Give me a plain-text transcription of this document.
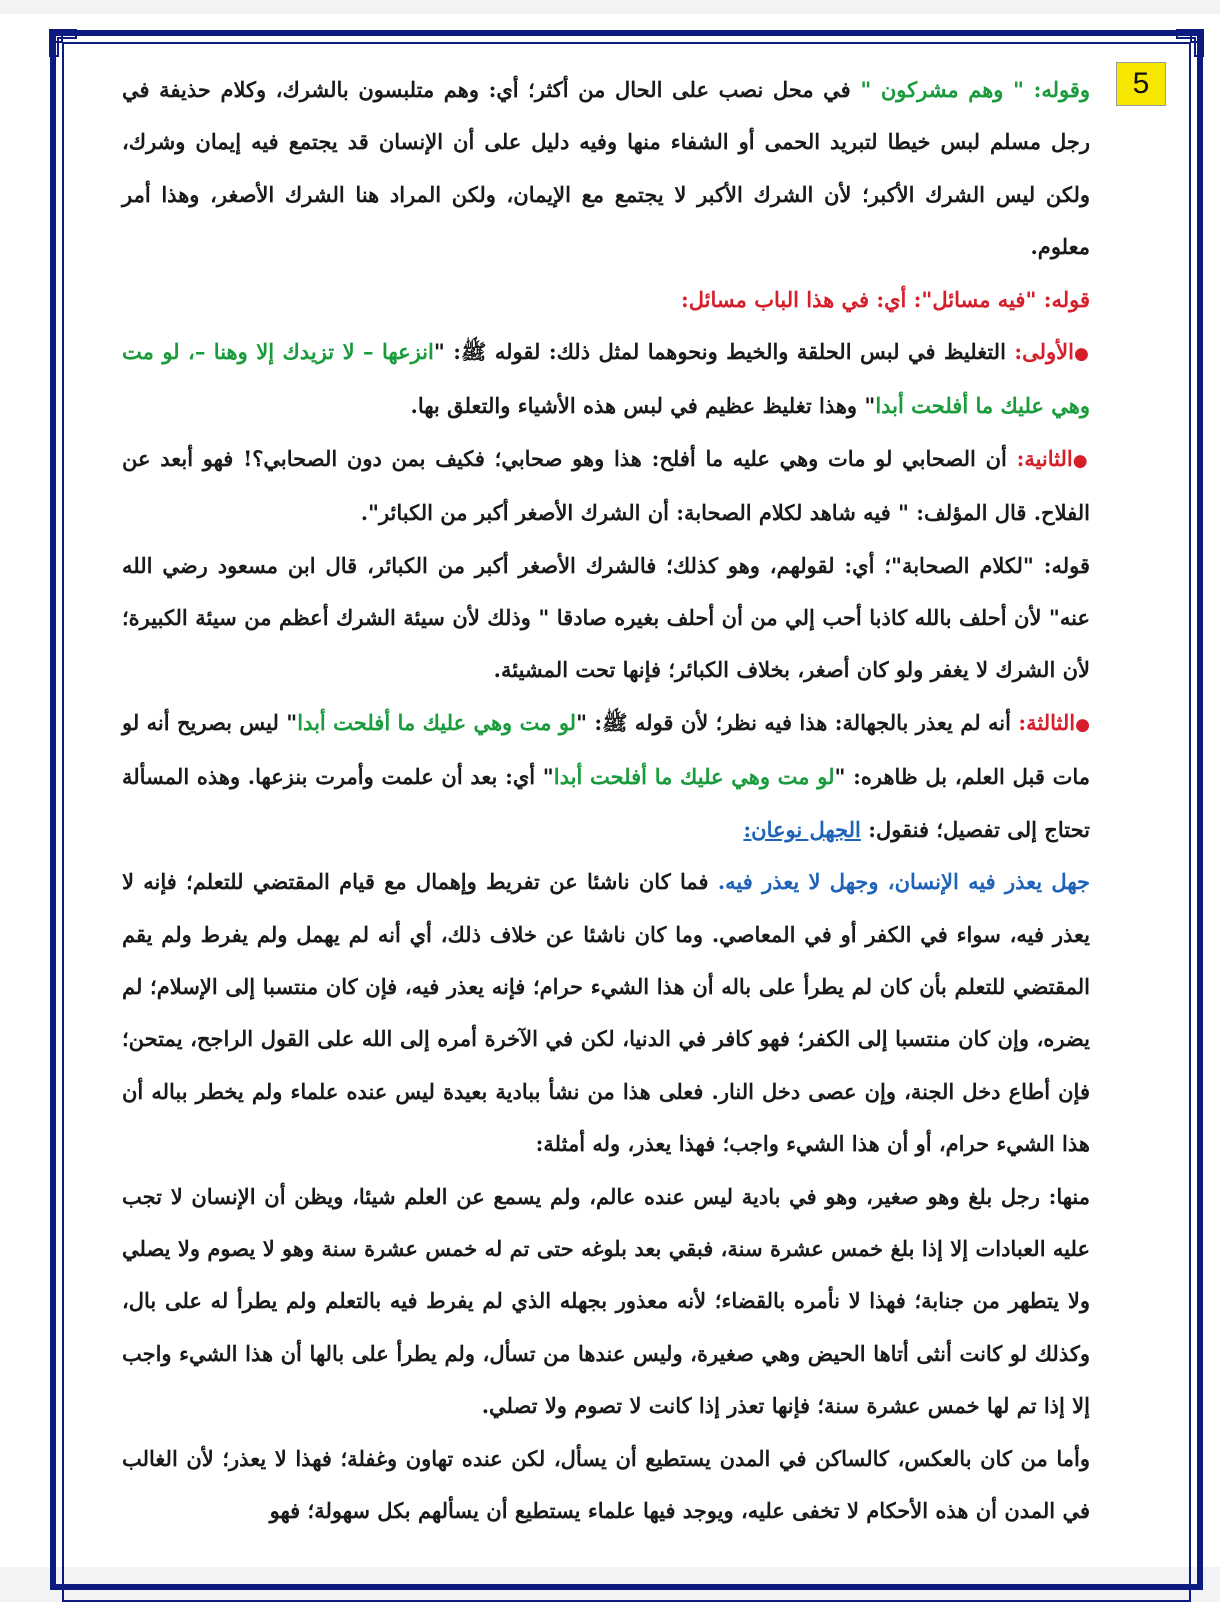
5

وقوله: " وهم مشركون " في محل نصب على الحال من أكثر؛ أي: وهم متلبسون بالشرك، وكلام حذيفة في رجل مسلم لبس خيطا لتبريد الحمى أو الشفاء منها وفيه دليل على أن الإنسان قد يجتمع فيه إيمان وشرك، ولكن ليس الشرك الأكبر؛ لأن الشرك الأكبر لا يجتمع مع الإيمان، ولكن المراد هنا الشرك الأصغر، وهذا أمر معلوم.

قوله: "فيه مسائل": أي: في هذا الباب مسائل:

●الأولى: التغليظ في لبس الحلقة والخيط ونحوهما لمثل ذلك: لقوله ﷺ: "انزعها – لا تزيدك إلا وهنا –، لو مت وهي عليك ما أفلحت أبدا" وهذا تغليظ عظيم في لبس هذه الأشياء والتعلق بها.

●الثانية: أن الصحابي لو مات وهي عليه ما أفلح: هذا وهو صحابي؛ فكيف بمن دون الصحابي؟! فهو أبعد عن الفلاح. قال المؤلف: " فيه شاهد لكلام الصحابة: أن الشرك الأصغر أكبر من الكبائر".

قوله: "لكلام الصحابة"؛ أي: لقولهم، وهو كذلك؛ فالشرك الأصغر أكبر من الكبائر، قال ابن مسعود رضي الله عنه" لأن أحلف بالله كاذبا أحب إلي من أن أحلف بغيره صادقا " وذلك لأن سيئة الشرك أعظم من سيئة الكبيرة؛ لأن الشرك لا يغفر ولو كان أصغر، بخلاف الكبائر؛ فإنها تحت المشيئة.

●الثالثة: أنه لم يعذر بالجهالة: هذا فيه نظر؛ لأن قوله ﷺ: "لو مت وهي عليك ما أفلحت أبدا" ليس بصريح أنه لو مات قبل العلم، بل ظاهره: "لو مت وهي عليك ما أفلحت أبدا" أي: بعد أن علمت وأمرت بنزعها. وهذه المسألة تحتاج إلى تفصيل؛ فنقول: الجهل نوعان:

جهل يعذر فيه الإنسان، وجهل لا يعذر فيه. فما كان ناشئا عن تفريط وإهمال مع قيام المقتضي للتعلم؛ فإنه لا يعذر فيه، سواء في الكفر أو في المعاصي. وما كان ناشئا عن خلاف ذلك، أي أنه لم يهمل ولم يفرط ولم يقم المقتضي للتعلم بأن كان لم يطرأ على باله أن هذا الشيء حرام؛ فإنه يعذر فيه، فإن كان منتسبا إلى الإسلام؛ لم يضره، وإن كان منتسبا إلى الكفر؛ فهو كافر في الدنيا، لكن في الآخرة أمره إلى الله على القول الراجح، يمتحن؛ فإن أطاع دخل الجنة، وإن عصى دخل النار. فعلى هذا من نشأ ببادية بعيدة ليس عنده علماء ولم يخطر بباله أن هذا الشيء حرام، أو أن هذا الشيء واجب؛ فهذا يعذر، وله أمثلة:

منها: رجل بلغ وهو صغير، وهو في بادية ليس عنده عالم، ولم يسمع عن العلم شيئا، ويظن أن الإنسان لا تجب عليه العبادات إلا إذا بلغ خمس عشرة سنة، فبقي بعد بلوغه حتى تم له خمس عشرة سنة وهو لا يصوم ولا يصلي ولا يتطهر من جنابة؛ فهذا لا نأمره بالقضاء؛ لأنه معذور بجهله الذي لم يفرط فيه بالتعلم ولم يطرأ له على بال، وكذلك لو كانت أنثى أتاها الحيض وهي صغيرة، وليس عندها من تسأل، ولم يطرأ على بالها أن هذا الشيء واجب إلا إذا تم لها خمس عشرة سنة؛ فإنها تعذر إذا كانت لا تصوم ولا تصلي.

وأما من كان بالعكس، كالساكن في المدن يستطيع أن يسأل، لكن عنده تهاون وغفلة؛ فهذا لا يعذر؛ لأن الغالب في المدن أن هذه الأحكام لا تخفى عليه، ويوجد فيها علماء يستطيع أن يسألهم بكل سهولة؛ فهو
